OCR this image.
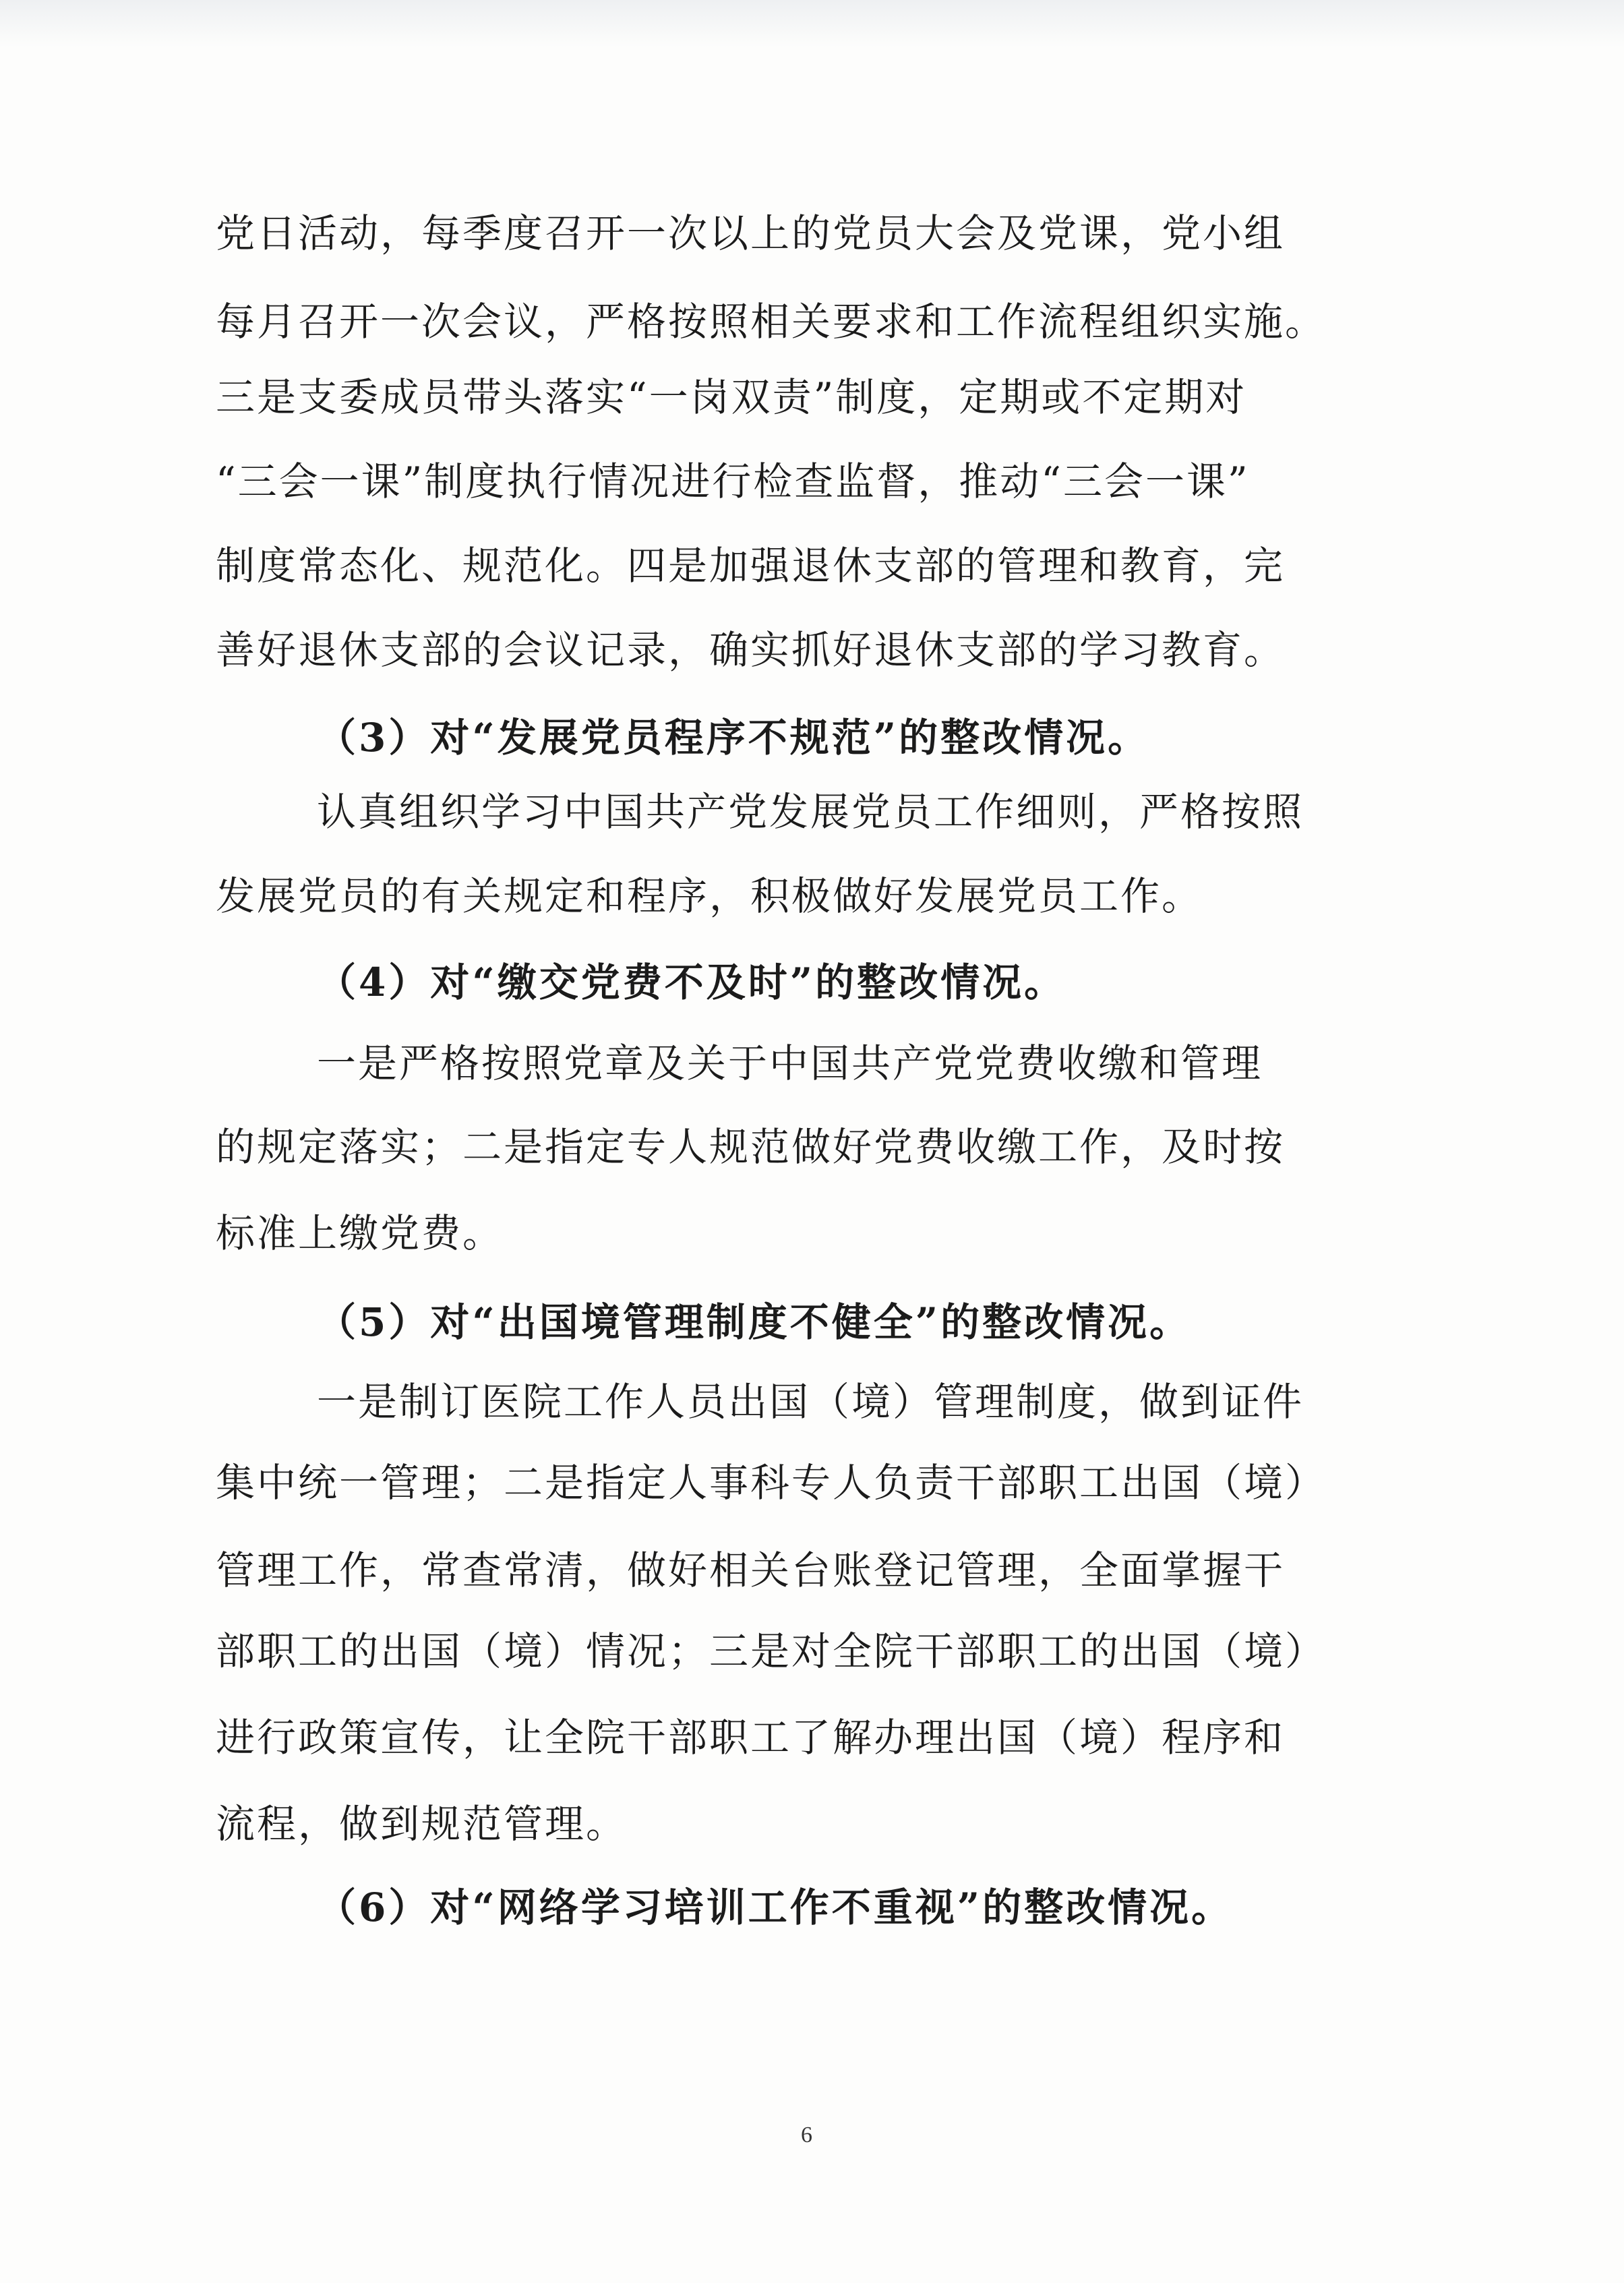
党日活动，每季度召开一次以上的党员大会及党课，党小组
每月召开一次会议，严格按照相关要求和工作流程组织实施。
三是支委成员带头落实“一岗双责”制度，定期或不定期对
“三会一课”制度执行情况进行检查监督，推动“三会一课”
制度常态化、规范化。四是加强退休支部的管理和教育，完
善好退休支部的会议记录，确实抓好退休支部的学习教育。
（3）对“发展党员程序不规范”的整改情况。
认真组织学习中国共产党发展党员工作细则，严格按照
发展党员的有关规定和程序，积极做好发展党员工作。
（4）对“缴交党费不及时”的整改情况。
一是严格按照党章及关于中国共产党党费收缴和管理
的规定落实；二是指定专人规范做好党费收缴工作，及时按
标准上缴党费。
（5）对“出国境管理制度不健全”的整改情况。
一是制订医院工作人员出国（境）管理制度，做到证件
集中统一管理；二是指定人事科专人负责干部职工出国（境）
管理工作，常查常清，做好相关台账登记管理，全面掌握干
部职工的出国（境）情况；三是对全院干部职工的出国（境）
进行政策宣传，让全院干部职工了解办理出国（境）程序和
流程，做到规范管理。
（6）对“网络学习培训工作不重视”的整改情况。
6
